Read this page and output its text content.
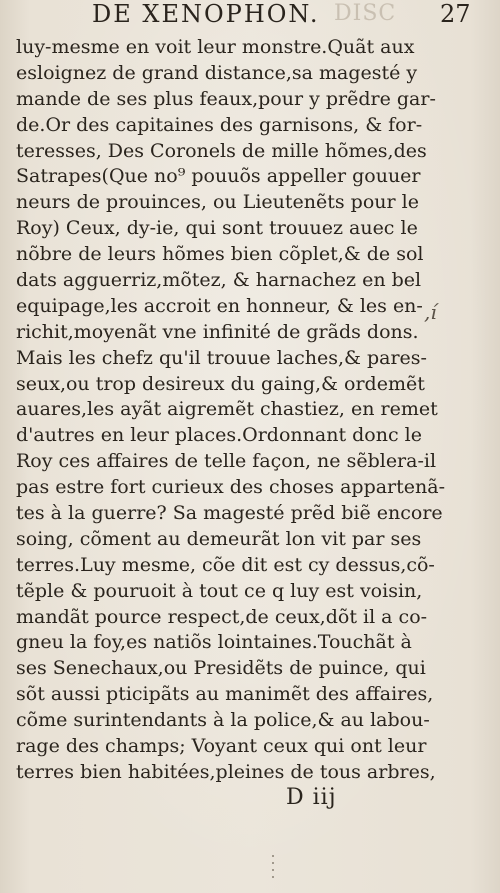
DE XENOPHON. DISC 27
luy-mesme en voit leur monstre.Quãt aux
esloignez de grand distance,sa magesté y
mande de ses plus feaux,pour y prẽdre gar-
de.Or des capitaines des garnisons, & for-
teresses, Des Coronels de mille hõmes,des
Satrapes(Que no⁹ pouuõs appeller gouuer
neurs de prouinces, ou Lieutenẽts pour le
Roy) Ceux, dy-ie, qui sont trouuez auec le
nõbre de leurs hõmes bien cõplet,& de sol
dats agguerriz,mõtez, & harnachez en bel
equipage,les accroit en honneur, & les en-
richit,moyenãt vne infinité de grãds dons.
Mais les chefz qu'il trouue laches,& pares-
seux,ou trop desireux du gaing,& ordemẽt
auares,les ayãt aigremẽt chastiez, en remet
d'autres en leur places.Ordonnant donc le
Roy ces affaires de telle façon, ne sẽblera-il
pas estre fort curieux des choses appartenã-
tes à la guerre? Sa magesté prẽd biẽ encore
soing, cõment au demeurãt lon vit par ses
terres.Luy mesme, cõe dit est cy dessus,cõ-
tẽple & pouruoit à tout ce q luy est voisin,
mandãt pource respect,de ceux,dõt il a co-
gneu la foy,es natiõs lointaines.Touchãt à
ses Senechaux,ou Presidẽts de puince, qui
sõt aussi pticipãts au manimẽt des affaires,
cõme surintendants à la police,& au labou-
rage des champs; Voyant ceux qui ont leur
terres bien habitées,pleines de tous arbres,
,í
D iij
